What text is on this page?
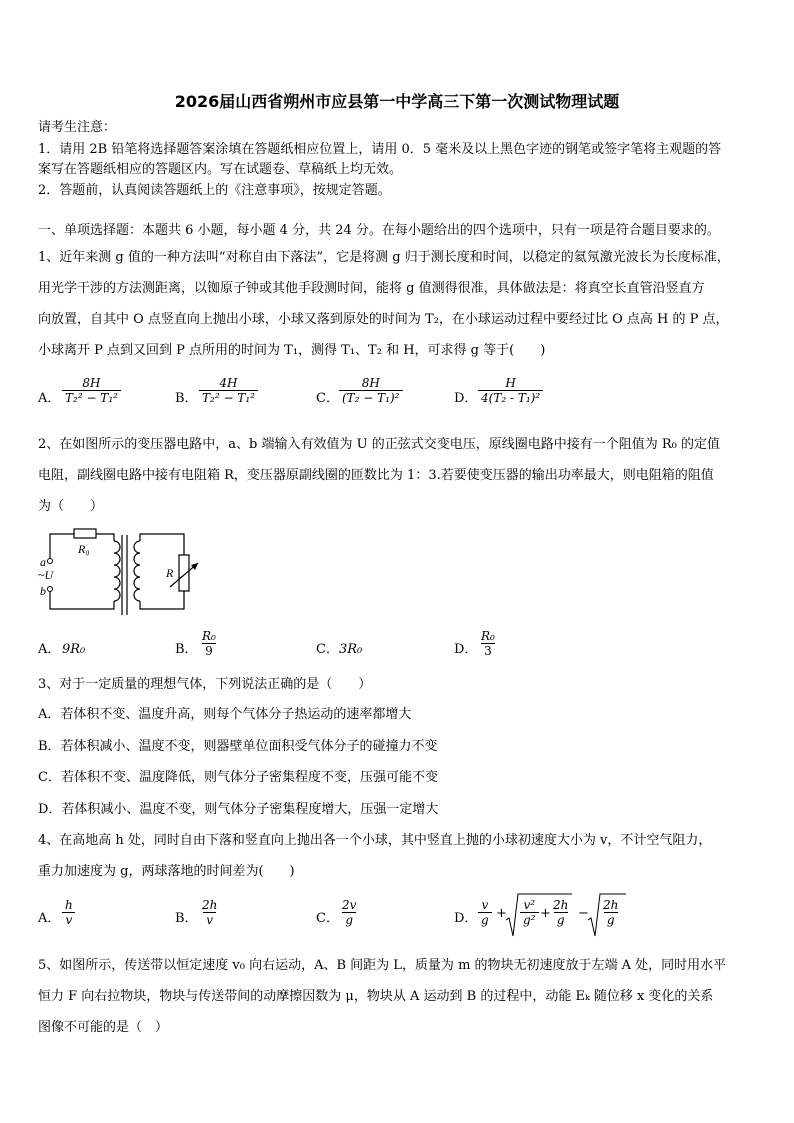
2026届山西省朔州市应县第一中学高三下第一次测试物理试题
请考生注意：
1．请用 2B 铅笔将选择题答案涂填在答题纸相应位置上，请用 0．5 毫米及以上黑色字迹的钢笔或签字笔将主观题的答
案写在答题纸相应的答题区内。写在试题卷、草稿纸上均无效。
2．答题前，认真阅读答题纸上的《注意事项》，按规定答题。
一、单项选择题：本题共 6 小题，每小题 4 分，共 24 分。在每小题给出的四个选项中，只有一项是符合题目要求的。
1、近年来测 g 值的一种方法叫“对称自由下落法”，它是将测 g 归于测长度和时间，以稳定的氦氖激光波长为长度标准，
用光学干涉的方法测距离，以铷原子钟或其他手段测时间，能将 g 值测得很准，具体做法是：将真空长直管沿竖直方
向放置，自其中 O 点竖直向上抛出小球，小球又落到原处的时间为 T₂，在小球运动过程中要经过比 O 点高 H 的 P 点，
小球离开 P 点到又回到 P 点所用的时间为 T₁，测得 T₁、T₂ 和 H，可求得 g 等于(　　)
A． $\frac{8H}{\text{T₂² − T₁²}}$	B． $\frac{4H}{\text{T₂² − T₁²}}$	C． $\frac{8H}{\text{(T₂ − T₁)²}}$	D． $\frac{H}{\text{4(T₂ - T₁)²}}$
2、在如图所示的变压器电路中，a、b 端输入有效值为 U 的正弦式交变电压，原线圈电路中接有一个阻值为 R₀ 的定值
电阻，副线圈电路中接有电阻箱 R，变压器原副线圈的匝数比为 1：3.若要使变压器的输出功率最大，则电阻箱的阻值
为（　　）
R₀
a
b
~U	R
A． 9R₀	B． $\frac{\text{R₀}}{9}$	C． 3R₀	D． $\frac{\text{R₀}}{3}$
3、对于一定质量的理想气体，下列说法正确的是（　　）
A．若体积不变、温度升高，则每个气体分子热运动的速率都增大
B．若体积减小、温度不变，则器壁单位面积受气体分子的碰撞力不变
C．若体积不变、温度降低，则气体分子密集程度不变，压强可能不变
D．若体积减小、温度不变，则气体分子密集程度增大，压强一定增大
4、在高地高 h 处，同时自由下落和竖直向上抛出各一个小球，其中竖直上抛的小球初速度大小为 v，不计空气阻力，
重力加速度为 g，两球落地的时间差为(　　)
A． $\frac{h}{v}$	B． $\frac{2h}{v}$	C． $\frac{2v}{g}$	D． $\frac{v}{g} + \frac{\text{v²}}{\text{g²}} + \frac{2h}{g} - \frac{2h}{g}$
5、如图所示，传送带以恒定速度 v₀ 向右运动，A、B 间距为 L，质量为 m 的物块无初速度放于左端 A 处，同时用水平
恒力 F 向右拉物块，物块与传送带间的动摩擦因数为 μ，物块从 A 运动到 B 的过程中，动能 Eₖ 随位移 x 变化的关系
图像不可能的是（　）
